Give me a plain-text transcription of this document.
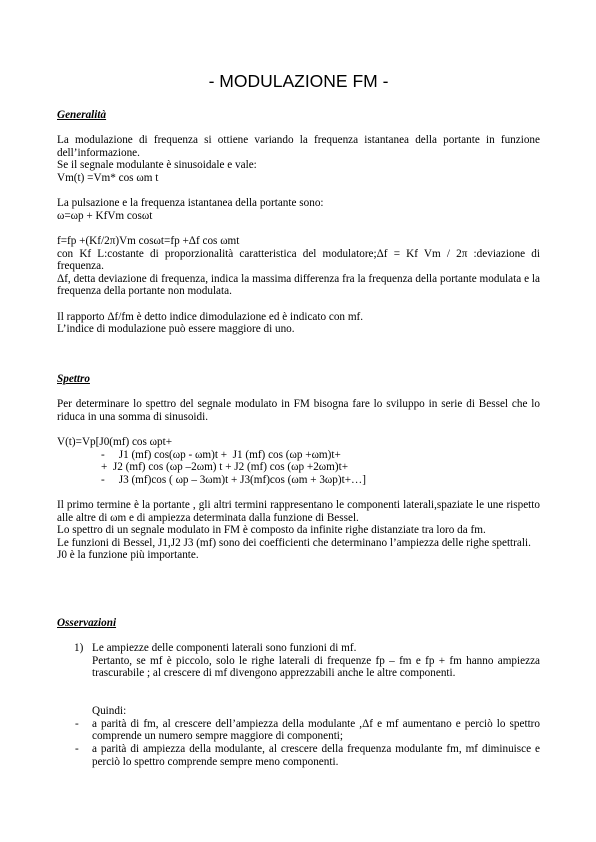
- MODULAZIONE FM -
Generalità

La modulazione di frequenza si ottiene variando la frequenza istantanea della portante in funzione dell’informazione.

Se il segnale modulante è sinusoidale e vale:

Vm(t) =Vm* cos ωm t

La pulsazione e la frequenza istantanea della portante sono:

ω=ωp + KfVm cosωt

f=fp +(Kf/2π)Vm cosωt=fp +Δf cos ωmt

con Kf L:costante di proporzionalità caratteristica del modulatore;Δf = Kf Vm / 2π :deviazione di frequenza.

Δf, detta deviazione di frequenza, indica la massima differenza fra la frequenza della portante modulata e la frequenza della portante non modulata.

Il rapporto Δf/fm è detto indice dimodulazione ed è indicato con mf.

L’indice di modulazione può essere maggiore di uno.

Spettro

Per determinare lo spettro del segnale modulato in FM bisogna fare lo sviluppo in serie di Bessel che lo riduca in una somma di sinusoidi.

V(t)=Vp[J0(mf) cos ωpt+
-     J1 (mf) cos(ωp - ωm)t +  J1 (mf) cos (ωp +ωm)t+
+  J2 (mf) cos (ωp –2ωm) t + J2 (mf) cos (ωp +2ωm)t+
-     J3 (mf)cos ( ωp – 3ωm)t + J3(mf)cos (ωm + 3ωp)t+…]

Il primo termine è la portante , gli altri termini rappresentano le componenti laterali,spaziate le une rispetto alle altre di ωm e di ampiezza determinata dalla funzione di Bessel.

Lo spettro di un segnale modulato in FM è composto da infinite righe distanziate tra loro da fm.

Le funzioni di Bessel, J1,J2 J3 (mf) sono dei coefficienti che determinano l’ampiezza delle righe spettrali.

J0 è la funzione più importante.

Osservazioni
1) Le ampiezze delle componenti laterali sono funzioni di mf.
Pertanto, se mf è piccolo, solo le righe laterali di frequenze fp – fm e fp + fm hanno ampiezza trascurabile ; al crescere di mf divengono apprezzabili anche le altre componenti.
Quindi:
- a parità di fm, al crescere dell’ampiezza della modulante ,Δf e mf aumentano e perciò lo spettro comprende un numero sempre maggiore di componenti;
- a parità di ampiezza della modulante, al crescere della frequenza modulante fm, mf diminuisce e perciò lo spettro comprende sempre meno componenti.
